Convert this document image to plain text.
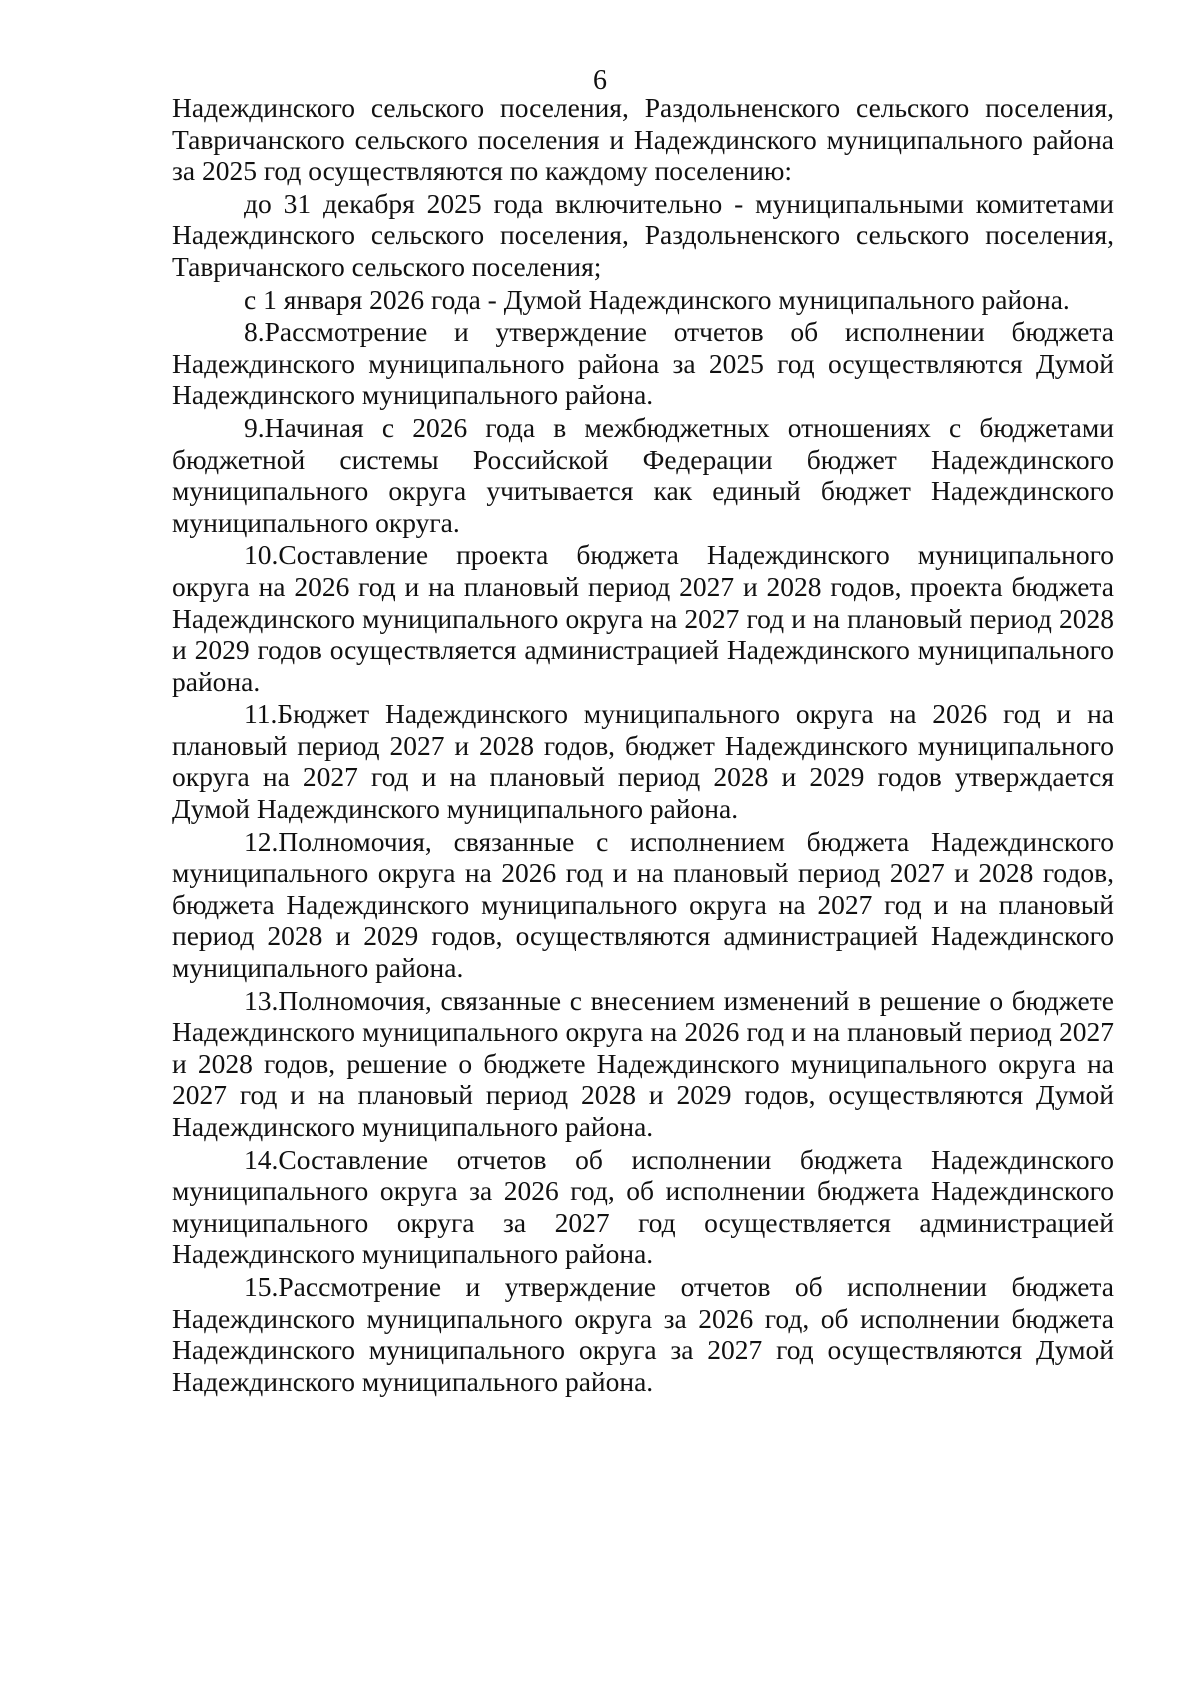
6

Надеждинского сельского поселения, Раздольненского сельского поселения, Тавричанского сельского поселения и Надеждинского муниципального района за 2025 год осуществляются по каждому поселению:

до 31 декабря 2025 года включительно - муниципальными комитетами Надеждинского сельского поселения, Раздольненского сельского поселения, Тавричанского сельского поселения;

с 1 января 2026 года - Думой Надеждинского муниципального района.

8.Рассмотрение и утверждение отчетов об исполнении бюджета Надеждинского муниципального района за 2025 год осуществляются Думой Надеждинского муниципального района.

9.Начиная с 2026 года в межбюджетных отношениях с бюджетами бюджетной системы Российской Федерации бюджет Надеждинского муниципального округа учитывается как единый бюджет Надеждинского муниципального округа.

10.Составление проекта бюджета Надеждинского муниципального округа на 2026 год и на плановый период 2027 и 2028 годов, проекта бюджета Надеждинского муниципального округа на 2027 год и на плановый период 2028 и 2029 годов осуществляется администрацией Надеждинского муниципального района.

11.Бюджет Надеждинского муниципального округа на 2026 год и на плановый период 2027 и 2028 годов, бюджет Надеждинского муниципального округа на 2027 год и на плановый период 2028 и 2029 годов утверждается Думой Надеждинского муниципального района.

12.Полномочия, связанные с исполнением бюджета Надеждинского муниципального округа на 2026 год и на плановый период 2027 и 2028 годов, бюджета Надеждинского муниципального округа на 2027 год и на плановый период 2028 и 2029 годов, осуществляются администрацией Надеждинского муниципального района.

13.Полномочия, связанные с внесением изменений в решение о бюджете Надеждинского муниципального округа на 2026 год и на плановый период 2027 и 2028 годов, решение о бюджете Надеждинского муниципального округа на 2027 год и на плановый период 2028 и 2029 годов, осуществляются Думой Надеждинского муниципального района.

14.Составление отчетов об исполнении бюджета Надеждинского муниципального округа за 2026 год, об исполнении бюджета Надеждинского муниципального округа за 2027 год осуществляется администрацией Надеждинского муниципального района.

15.Рассмотрение и утверждение отчетов об исполнении бюджета Надеждинского муниципального округа за 2026 год, об исполнении бюджета Надеждинского муниципального округа за 2027 год осуществляются Думой Надеждинского муниципального района.
